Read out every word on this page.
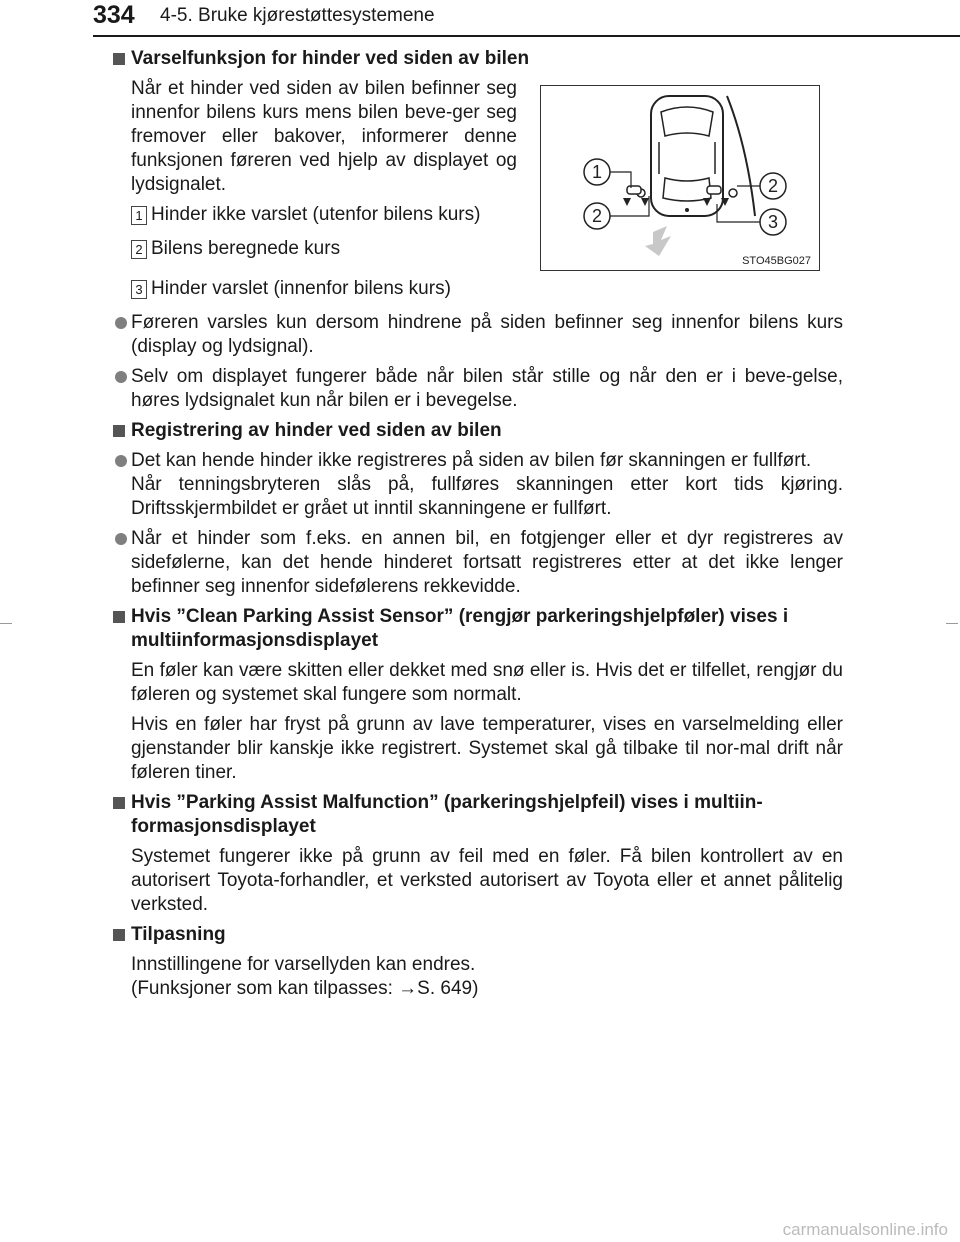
334 4-5. Bruke kjørestøttesystemene
Varselfunksjon for hinder ved siden av bilen
Når et hinder ved siden av bilen befinner seg innenfor bilens kurs mens bilen beve-ger seg fremover eller bakover, informerer denne funksjonen føreren ved hjelp av displayet og lydsignalet.
1 Hinder ikke varslet (utenfor bilens kurs)
2 Bilens beregnede kurs
1
2
2
3
STO45BG027
3 Hinder varslet (innenfor bilens kurs)
Føreren varsles kun dersom hindrene på siden befinner seg innenfor bilens kurs (display og lydsignal).
Selv om displayet fungerer både når bilen står stille og når den er i beve-gelse, høres lydsignalet kun når bilen er i bevegelse.
Registrering av hinder ved siden av bilen
Det kan hende hinder ikke registreres på siden av bilen før skanningen er fullført.
Når tenningsbryteren slås på, fullføres skanningen etter kort tids kjøring. Driftsskjermbildet er grået ut inntil skanningene er fullført.
Når et hinder som f.eks. en annen bil, en fotgjenger eller et dyr registreres av sidefølerne, kan det hende hinderet fortsatt registreres etter at det ikke lenger befinner seg innenfor sidefølerens rekkevidde.
Hvis ”Clean Parking Assist Sensor” (rengjør parkeringshjelpføler) vises i multiinformasjonsdisplayet
En føler kan være skitten eller dekket med snø eller is. Hvis det er tilfellet, rengjør du føleren og systemet skal fungere som normalt.
Hvis en føler har fryst på grunn av lave temperaturer, vises en varselmelding eller gjenstander blir kanskje ikke registrert. Systemet skal gå tilbake til nor-mal drift når føleren tiner.
Hvis ”Parking Assist Malfunction” (parkeringshjelpfeil) vises i multiin-formasjonsdisplayet
Systemet fungerer ikke på grunn av feil med en føler. Få bilen kontrollert av en autorisert Toyota-forhandler, et verksted autorisert av Toyota eller et annet pålitelig verksted.
Tilpasning
Innstillingene for varsellyden kan endres.
(Funksjoner som kan tilpasses: →S. 649)
carmanualsonline.info
